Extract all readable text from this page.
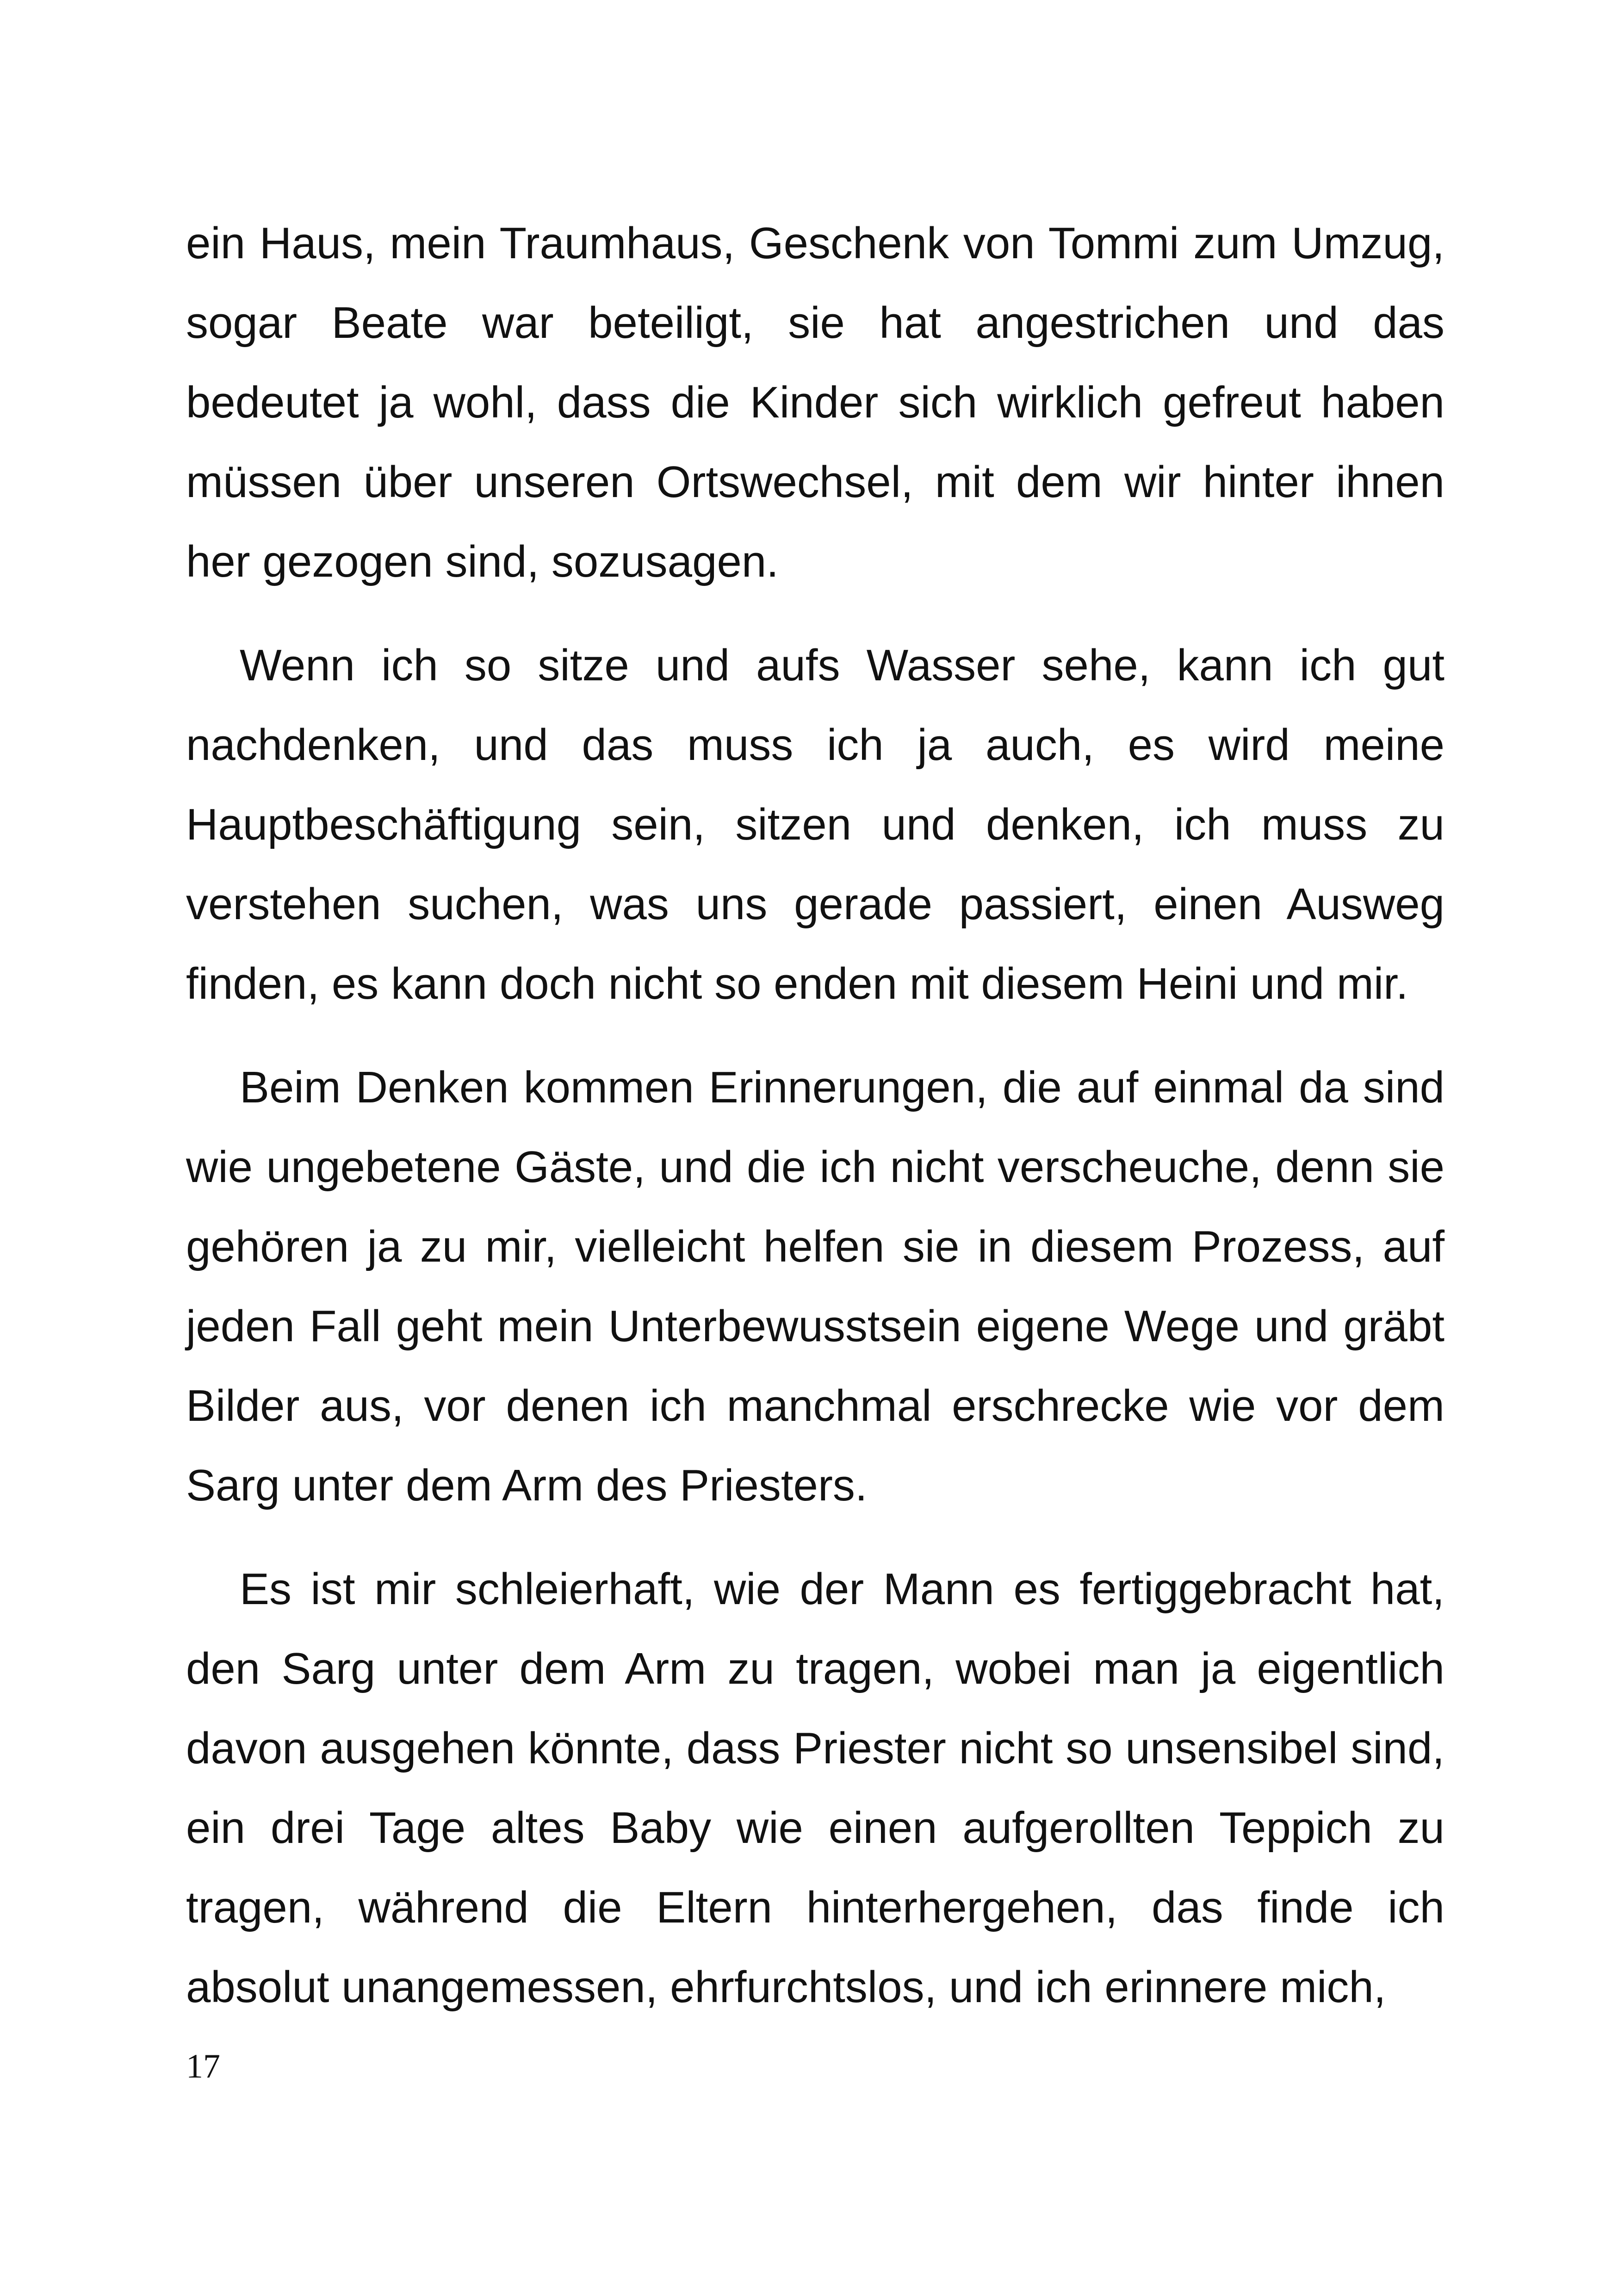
ein Haus, mein Traumhaus, Geschenk von Tommi zum Umzug, sogar Beate war beteiligt, sie hat angestrichen und das bedeutet ja wohl, dass die Kinder sich wirklich gefreut haben müssen über unseren Ortswechsel, mit dem wir hinter ihnen her gezogen sind, sozusagen.

Wenn ich so sitze und aufs Wasser sehe, kann ich gut nachdenken, und das muss ich ja auch, es wird meine Hauptbeschäftigung sein, sitzen und denken, ich muss zu verstehen suchen, was uns gerade passiert, einen Ausweg finden, es kann doch nicht so enden mit diesem Heini und mir.

Beim Denken kommen Erinnerungen, die auf einmal da sind wie ungebetene Gäste, und die ich nicht verscheuche, denn sie gehören ja zu mir, vielleicht helfen sie in diesem Prozess, auf jeden Fall geht mein Unterbewusstsein eigene Wege und gräbt Bilder aus, vor denen ich manchmal erschrecke wie vor dem Sarg unter dem Arm des Priesters.

Es ist mir schleierhaft, wie der Mann es fertiggebracht hat, den Sarg unter dem Arm zu tragen, wobei man ja eigentlich davon ausgehen könnte, dass Priester nicht so unsensibel sind, ein drei Tage altes Baby wie einen aufgerollten Teppich zu tragen, während die Eltern hinterhergehen, das finde ich absolut unangemessen, ehrfurchtslos, und ich erinnere mich,

17
